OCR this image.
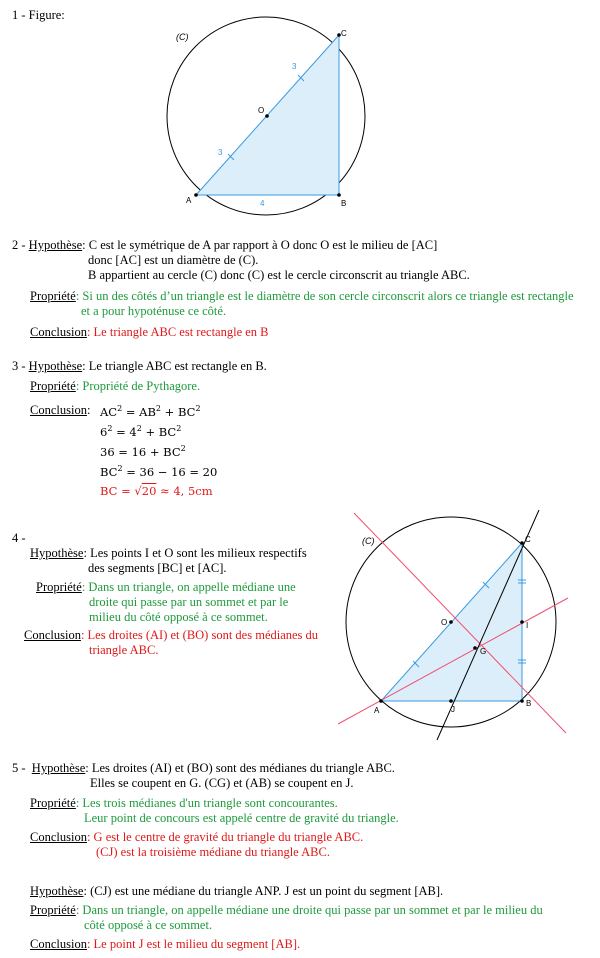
1 - Figure:
(C)
A	B
C
O
3
3
4
2 - Hypothèse: C est le symétrique de A par rapport à O donc O est le milieu de [AC]
donc [AC] est un diamètre de (C).
B appartient au cercle (C) donc (C) est le cercle circonscrit au triangle ABC.
Propriété: Si un des côtés d’un triangle est le diamètre de son cercle circonscrit alors ce triangle est rectangle
et a pour hypoténuse ce côté.
Conclusion: Le triangle ABC est rectangle en B
3 - Hypothèse: Le triangle ABC est rectangle en B.
Propriété: Propriété de Pythagore.
Conclusion: $AC^2 = AB^2 + BC^2$
$6^2 = 4^2 + BC^2$
$36 = 16 + BC^2$
$BC^2 = 36 - 16 = 20$
BC = √20 ≈ 4, 5cm
4 -
Hypothèse: Les points I et O sont les milieux respectifs
des segments [BC] et [AC].
Propriété: Dans un triangle, on appelle médiane une
droite qui passe par un sommet et par le
milieu du côté opposé à ce sommet.
Conclusion: Les droites (AI) et (BO) sont des médianes du
triangle ABC.
(C)
A
B
C
O	I
G
J
5 -  Hypothèse: Les droites (AI) et (BO) sont des médianes du triangle ABC.
Elles se coupent en G. (CG) et (AB) se coupent en J.
Propriété: Les trois médianes d'un triangle sont concourantes.
Leur point de concours est appelé centre de gravité du triangle.
Conclusion: G est le centre de gravité du triangle du triangle ABC.
(CJ) est la troisième médiane du triangle ABC.
Hypothèse: (CJ) est une médiane du triangle ANP. J est un point du segment [AB].
Propriété: Dans un triangle, on appelle médiane une droite qui passe par un sommet et par le milieu du
côté opposé à ce sommet.
Conclusion: Le point J est le milieu du segment [AB].
